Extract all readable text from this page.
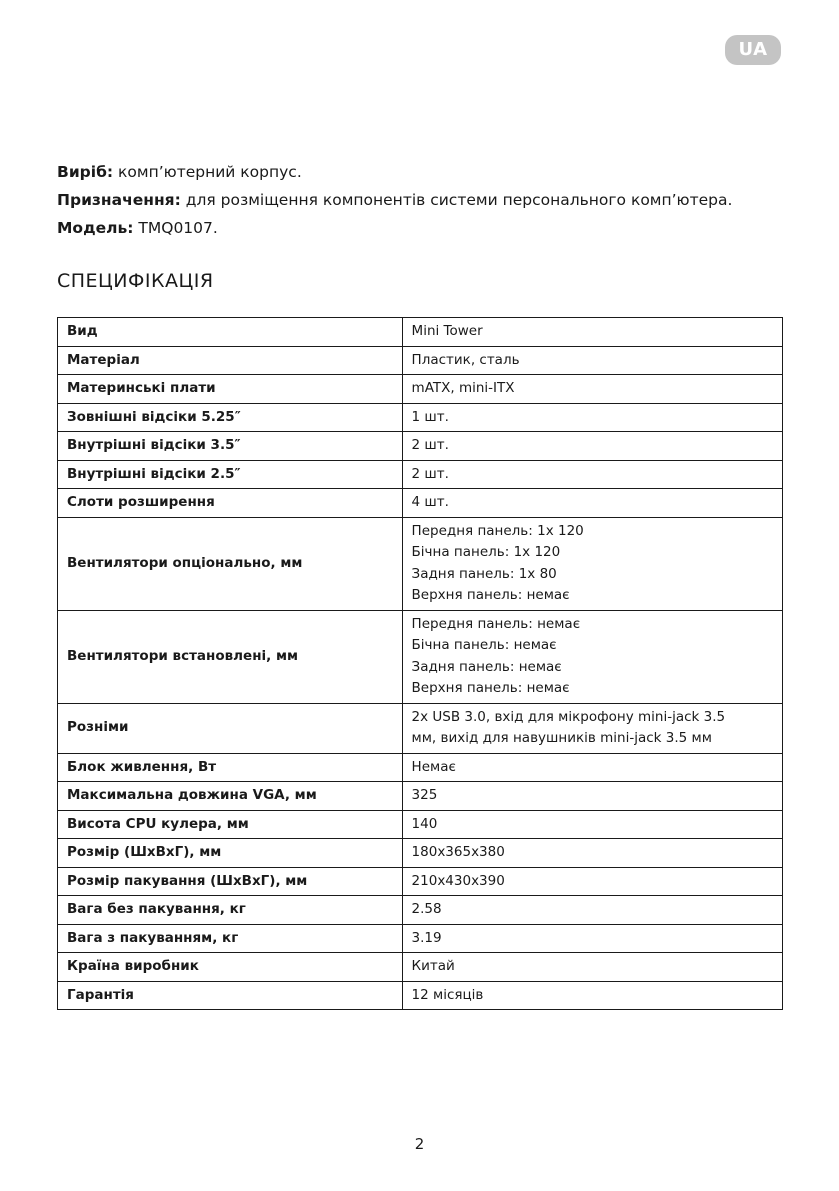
UA

Виріб: комп’ютерний корпус.

Призначення: для розміщення компонентів системи персонального комп’ютера.

Модель: TMQ0107.

СПЕЦИФІКАЦІЯ
Вид	Mini Tower

Матеріал	Пластик, сталь

Материнські плати	mATX, mini-ITX

Зовнішні відсіки 5.25″	1 шт.

Внутрішні відсіки 3.5″	2 шт.

Внутрішні відсіки 2.5″	2 шт.

Слоти розширення	4 шт.

Вентилятори опціонально, мм	Передня панель: 1x 120
Бічна панель: 1x 120
Задня панель: 1x 80
Верхня панель: немає

Вентилятори встановлені, мм	Передня панель: немає
Бічна панель: немає
Задня панель: немає
Верхня панель: немає

Розніми	2x USB 3.0, вхід для мікрофону mini-jack 3.5
мм, вихід для навушників mini-jack 3.5 мм

Блок живлення, Вт	Немає

Максимальна довжина VGA, мм	325

Висота CPU кулера, мм	140

Розмір (ШхВхГ), мм	180x365x380

Розмір пакування (ШхВхГ), мм	210x430x390

Вага без пакування, кг	2.58

Вага з пакуванням, кг	3.19

Країна виробник	Китай

Гарантія	12 місяців
2
